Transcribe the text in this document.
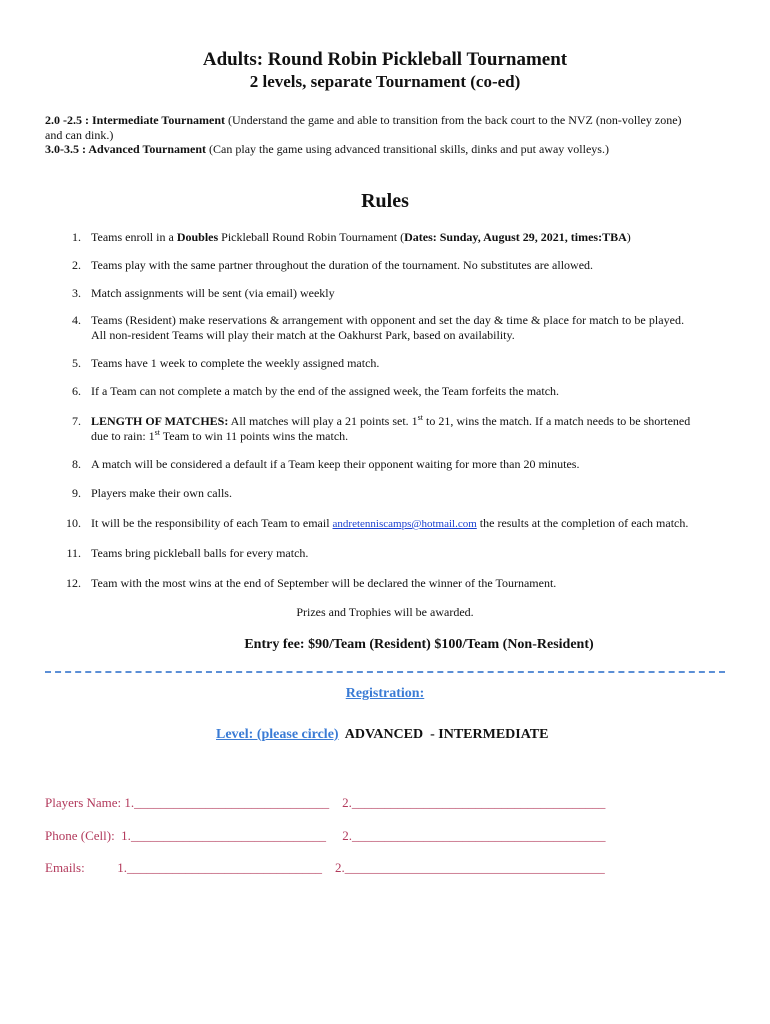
Adults: Round Robin Pickleball Tournament
2 levels, separate Tournament (co-ed)
2.0 -2.5 : Intermediate Tournament (Understand the game and able to transition from the back court to the NVZ (non-volley zone)
and can dink.)
3.0-3.5 : Advanced Tournament (Can play the game using advanced transitional skills, dinks and put away volleys.)
Rules
1. Teams enroll in a Doubles Pickleball Round Robin Tournament (Dates: Sunday, August 29, 2021, times:TBA)
2. Teams play with the same partner throughout the duration of the tournament. No substitutes are allowed.
3. Match assignments will be sent (via email) weekly
4. Teams (Resident) make reservations & arrangement with opponent and set the day & time & place for match to be played.
All non-resident Teams will play their match at the Oakhurst Park, based on availability.
5. Teams have 1 week to complete the weekly assigned match.
6. If a Team can not complete a match by the end of the assigned week, the Team forfeits the match.
7. LENGTH OF MATCHES: All matches will play a 21 points set. 1st to 21, wins the match. If a match needs to be shortened
due to rain: 1st Team to win 11 points wins the match.
8. A match will be considered a default if a Team keep their opponent waiting for more than 20 minutes.
9. Players make their own calls.
10. It will be the responsibility of each Team to email andretenniscamps@hotmail.com the results at the completion of each match.
11. Teams bring pickleball balls for every match.
12. Team with the most wins at the end of September will be declared the winner of the Tournament.
Prizes and Trophies will be awarded.
Entry fee: $90/Team (Resident) $100/Team (Non-Resident)
Registration:
Level: (please circle)  ADVANCED  - INTERMEDIATE
Players Name: 1.______________________________    2._______________________________________
Phone (Cell):  1.______________________________     2._______________________________________
Emails:          1.______________________________    2.________________________________________
